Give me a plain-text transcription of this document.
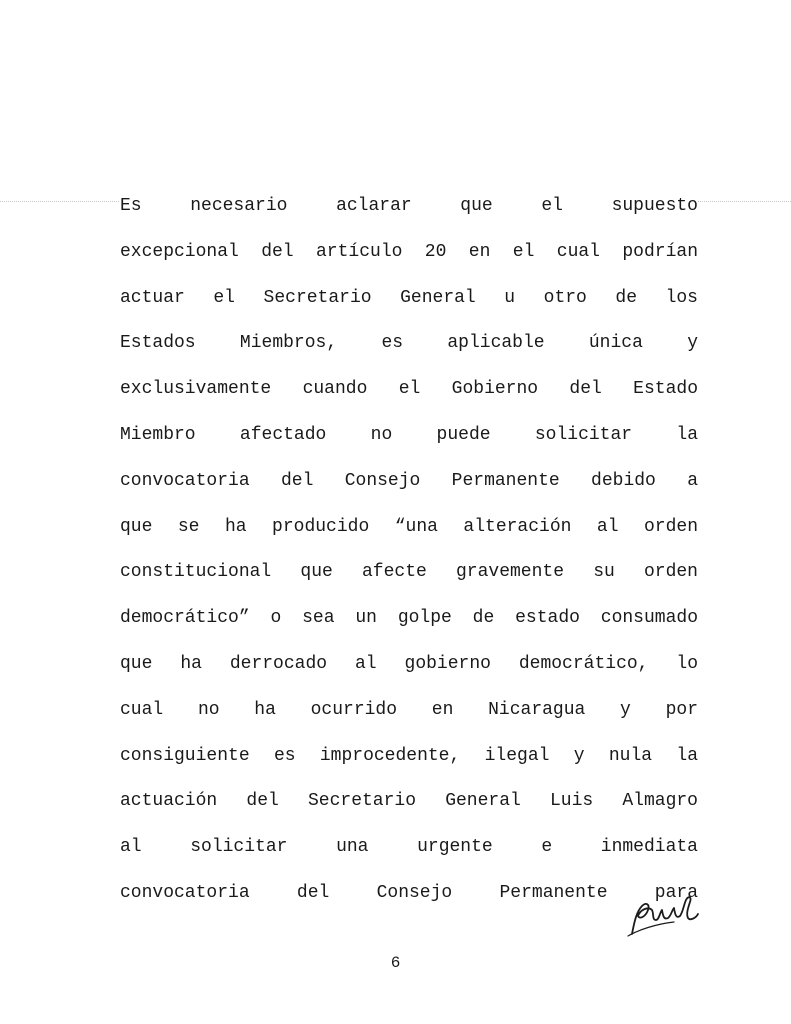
Es necesario aclarar que el supuesto
excepcional del artículo 20 en el cual podrían
actuar el Secretario General u otro de los
Estados Miembros, es aplicable única y
exclusivamente cuando el Gobierno del Estado
Miembro afectado no puede solicitar la
convocatoria del Consejo Permanente debido a
que se ha producido “una alteración al orden
constitucional que afecte gravemente su orden
democrático” o sea un golpe de estado consumado
que ha derrocado al gobierno democrático, lo
cual no ha ocurrido en Nicaragua y por
consiguiente es improcedente, ilegal y nula la
actuación del Secretario General Luis Almagro
al solicitar una urgente e inmediata
convocatoria del Consejo Permanente para
6
